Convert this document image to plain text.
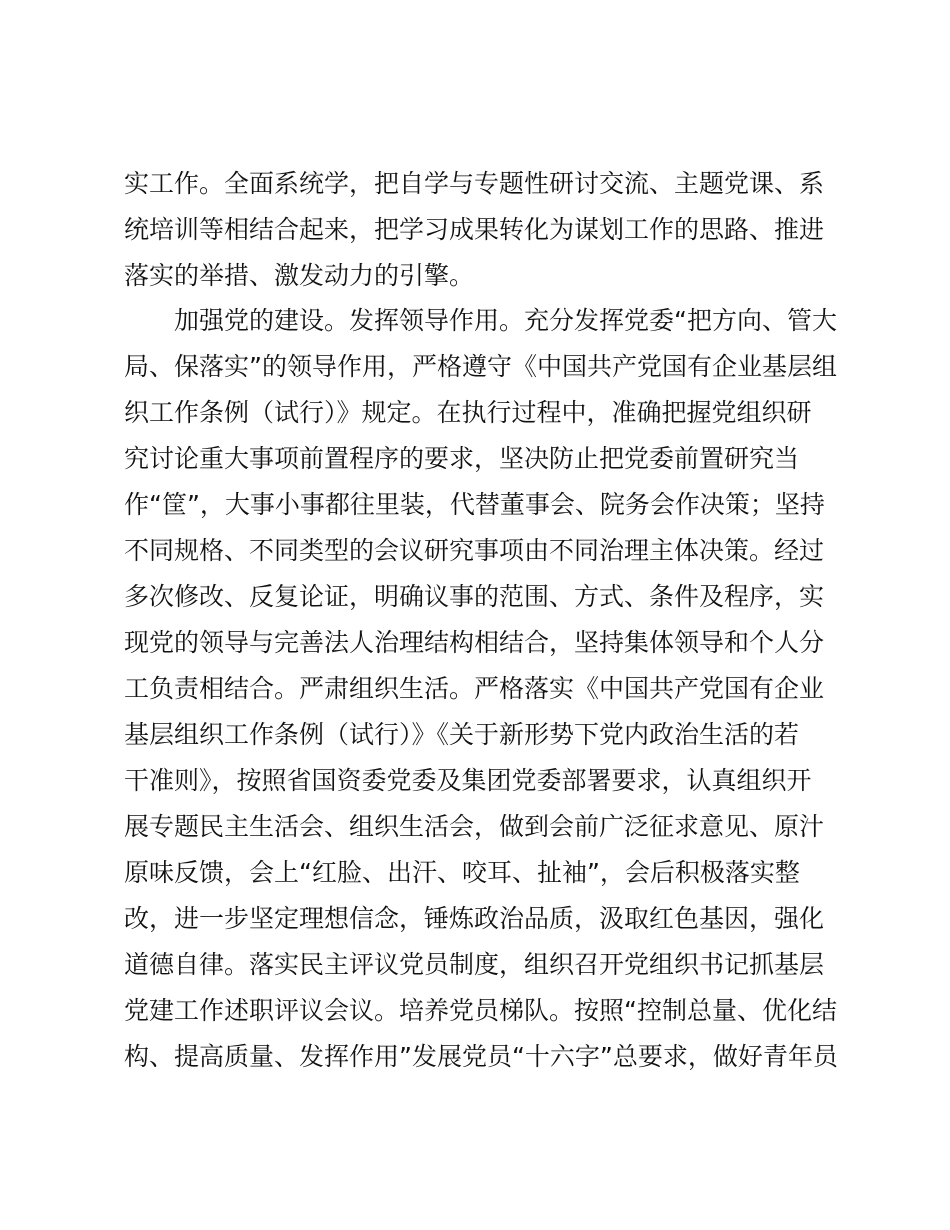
实工作。全面系统学，把自学与专题性研讨交流、主题党课、系
统培训等相结合起来，把学习成果转化为谋划工作的思路、推进
落实的举措、激发动力的引擎。
加强党的建设。发挥领导作用。充分发挥党委“把方向、管大
局、保落实”的领导作用，严格遵守《中国共产党国有企业基层组
织工作条例（试行）》规定。在执行过程中，准确把握党组织研
究讨论重大事项前置程序的要求，坚决防止把党委前置研究当
作“筐”，大事小事都往里装，代替董事会、院务会作决策；坚持
不同规格、不同类型的会议研究事项由不同治理主体决策。经过
多次修改、反复论证，明确议事的范围、方式、条件及程序，实
现党的领导与完善法人治理结构相结合，坚持集体领导和个人分
工负责相结合。严肃组织生活。严格落实《中国共产党国有企业
基层组织工作条例（试行）》《关于新形势下党内政治生活的若
干准则》，按照省国资委党委及集团党委部署要求，认真组织开
展专题民主生活会、组织生活会，做到会前广泛征求意见、原汁
原味反馈，会上“红脸、出汗、咬耳、扯袖”，会后积极落实整
改，进一步坚定理想信念，锤炼政治品质，汲取红色基因，强化
道德自律。落实民主评议党员制度，组织召开党组织书记抓基层
党建工作述职评议会议。培养党员梯队。按照“控制总量、优化结
构、提高质量、发挥作用”发展党员“十六字”总要求，做好青年员
